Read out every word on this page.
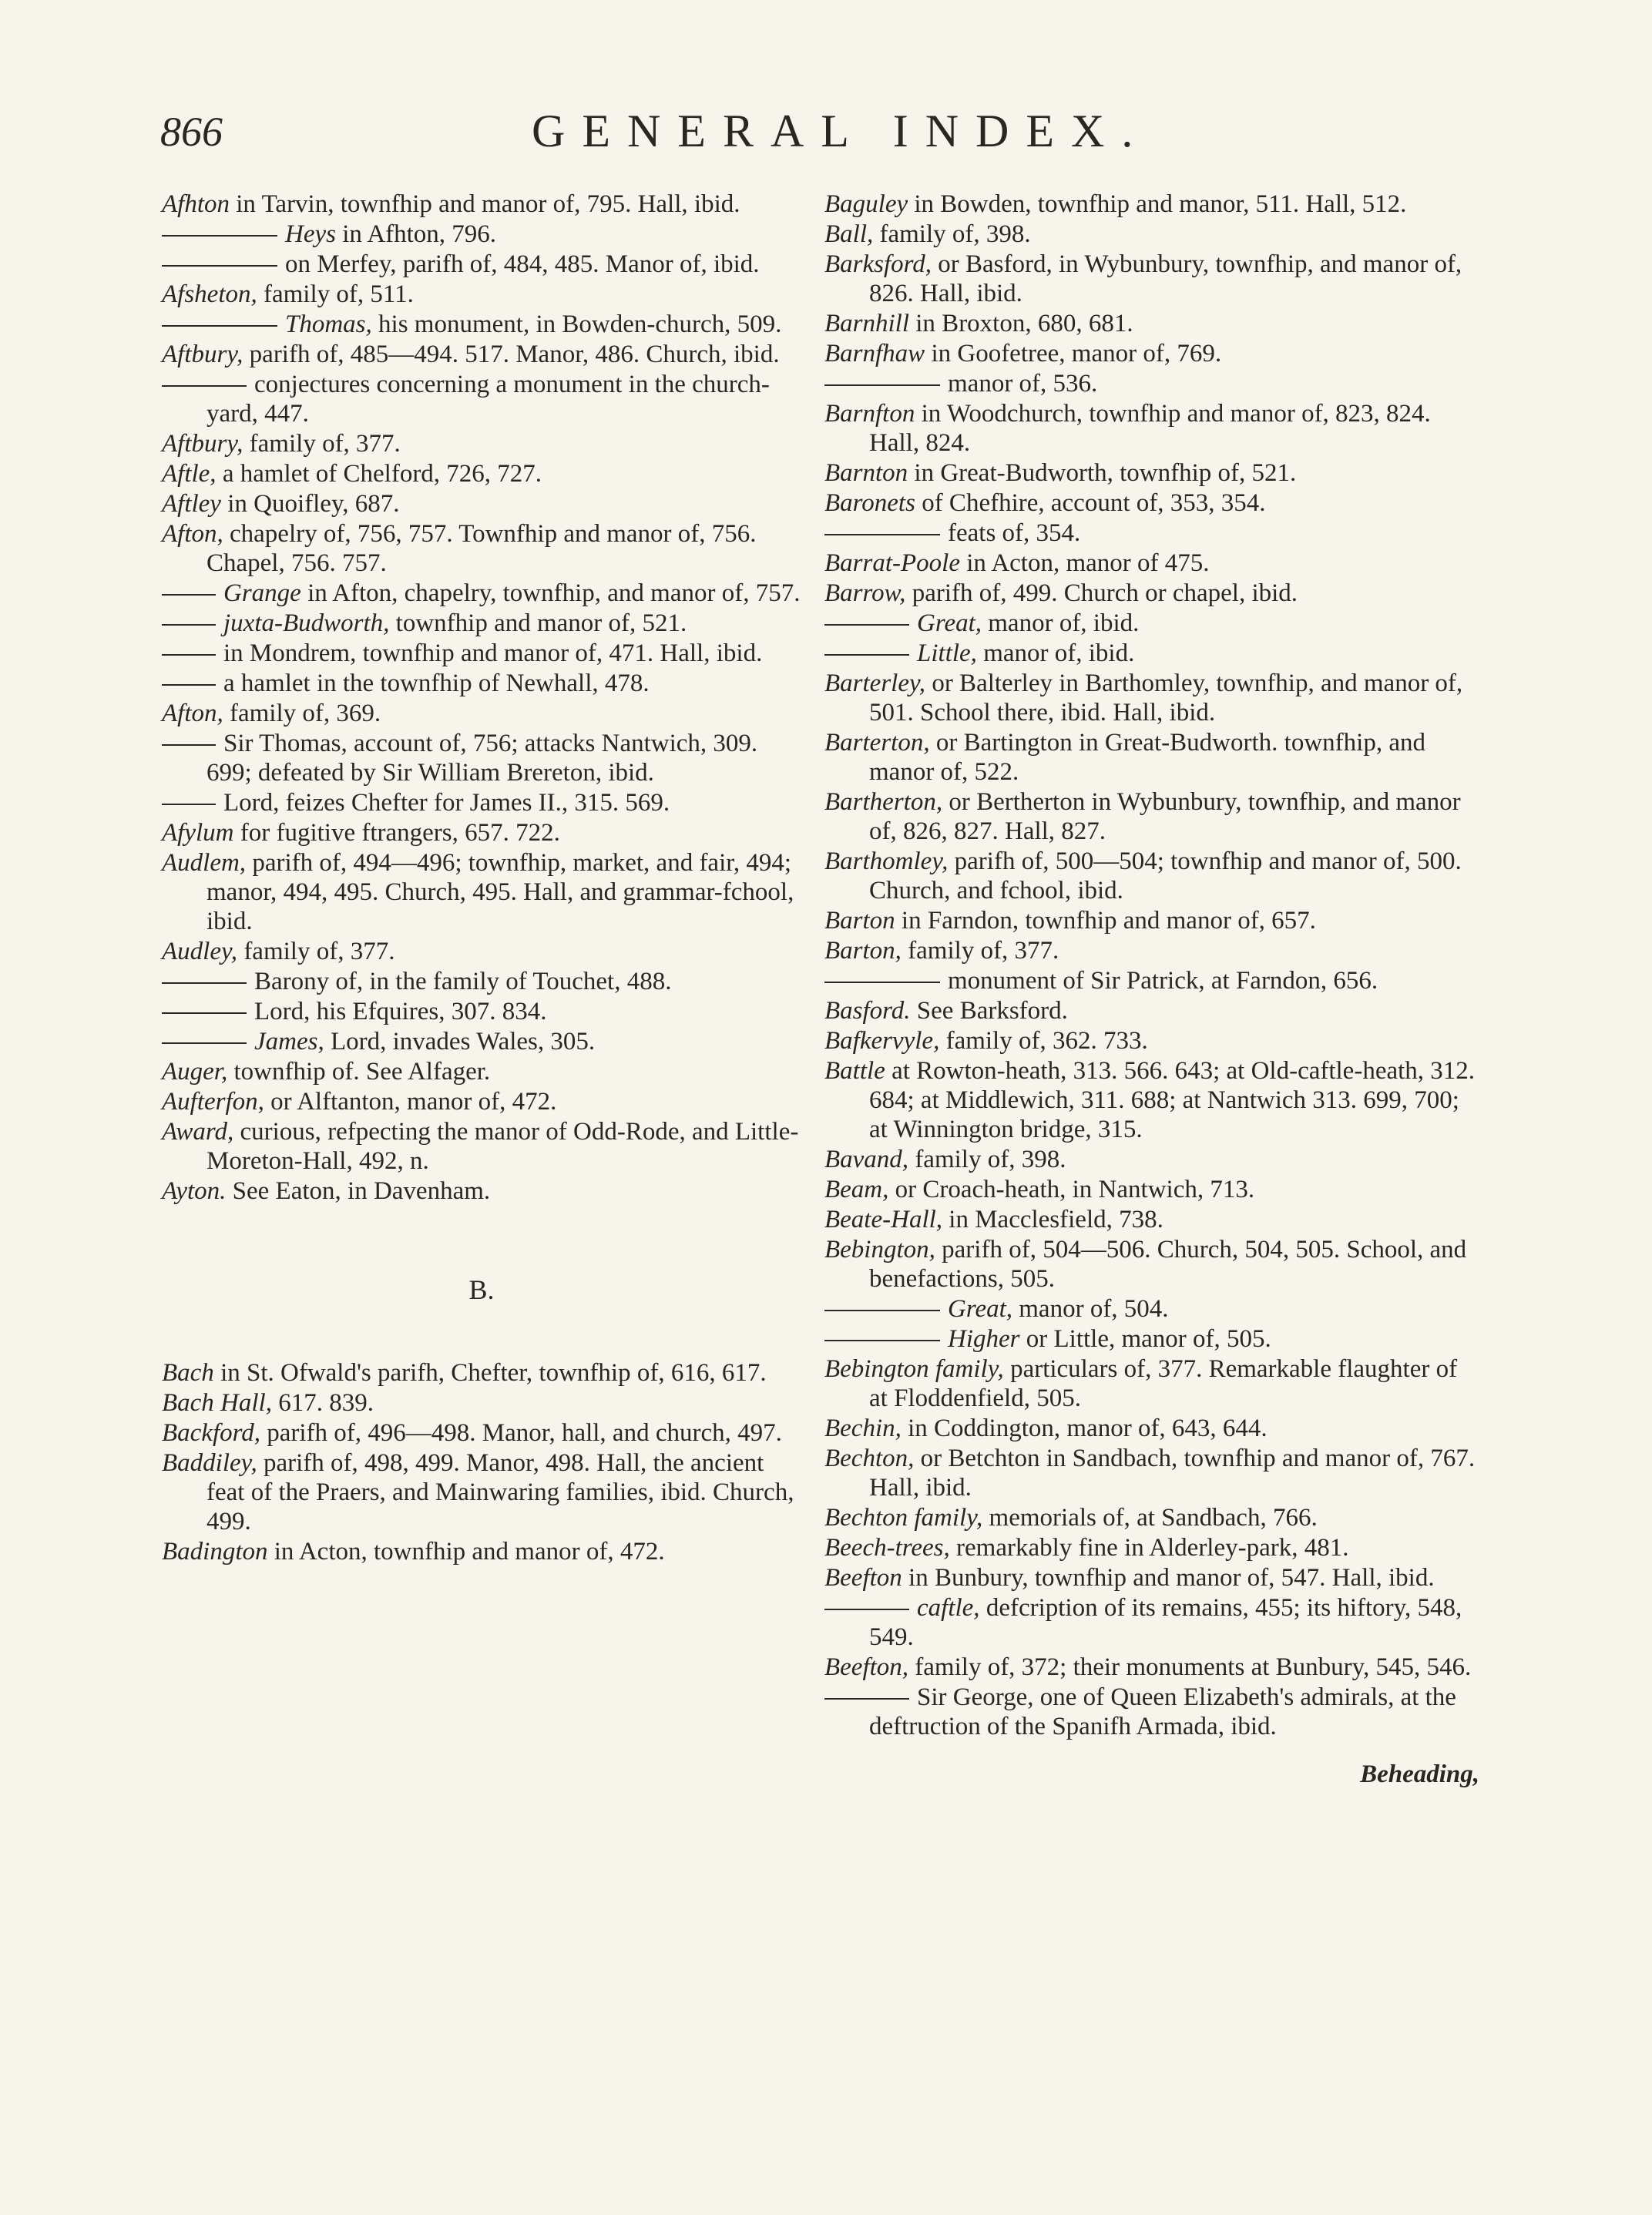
866	GENERAL INDEX.
Afhton in Tarvin, townfhip and manor of, 795. Hall, ibid.
Heys in Afhton, 796.
on Merfey, parifh of, 484, 485. Manor of, ibid.
Afsheton, family of, 511.
Thomas, his monument, in Bowden-church, 509.
Aftbury, parifh of, 485—494. 517. Manor, 486. Church, ibid.
conjectures concerning a monument in the church-yard, 447.
Aftbury, family of, 377.
Aftle, a hamlet of Chelford, 726, 727.
Aftley in Quoifley, 687.
Afton, chapelry of, 756, 757. Townfhip and manor of, 756. Chapel, 756. 757.
Grange in Afton, chapelry, townfhip, and manor of, 757.
juxta-Budworth, townfhip and manor of, 521.
in Mondrem, townfhip and manor of, 471. Hall, ibid.
a hamlet in the townfhip of Newhall, 478.
Afton, family of, 369.
Sir Thomas, account of, 756; attacks Nantwich, 309. 699; defeated by Sir William Brereton, ibid.
Lord, feizes Chefter for James II., 315. 569.
Afylum for fugitive ftrangers, 657. 722.
Audlem, parifh of, 494—496; townfhip, market, and fair, 494; manor, 494, 495. Church, 495. Hall, and grammar-fchool, ibid.
Audley, family of, 377.
Barony of, in the family of Touchet, 488.
Lord, his Efquires, 307. 834.
James, Lord, invades Wales, 305.
Auger, townfhip of. See Alfager.
Aufterfon, or Alftanton, manor of, 472.
Award, curious, refpecting the manor of Odd-Rode, and Little-Moreton-Hall, 492, n.
Ayton. See Eaton, in Davenham.
B.
Bach in St. Ofwald's parifh, Chefter, townfhip of, 616, 617.
Bach Hall, 617. 839.
Backford, parifh of, 496—498. Manor, hall, and church, 497.
Baddiley, parifh of, 498, 499. Manor, 498. Hall, the ancient feat of the Praers, and Mainwaring families, ibid. Church, 499.
Badington in Acton, townfhip and manor of, 472.
Baguley in Bowden, townfhip and manor, 511. Hall, 512.
Ball, family of, 398.
Barksford, or Basford, in Wybunbury, townfhip, and manor of, 826. Hall, ibid.
Barnhill in Broxton, 680, 681.
Barnfhaw in Goofetree, manor of, 769.
manor of, 536.
Barnfton in Woodchurch, townfhip and manor of, 823, 824. Hall, 824.
Barnton in Great-Budworth, townfhip of, 521.
Baronets of Chefhire, account of, 353, 354.
feats of, 354.
Barrat-Poole in Acton, manor of 475.
Barrow, parifh of, 499. Church or chapel, ibid.
Great, manor of, ibid.
Little, manor of, ibid.
Barterley, or Balterley in Barthomley, townfhip, and manor of, 501. School there, ibid. Hall, ibid.
Barterton, or Bartington in Great-Budworth. townfhip, and manor of, 522.
Bartherton, or Bertherton in Wybunbury, townfhip, and manor of, 826, 827. Hall, 827.
Barthomley, parifh of, 500—504; townfhip and manor of, 500. Church, and fchool, ibid.
Barton in Farndon, townfhip and manor of, 657.
Barton, family of, 377.
monument of Sir Patrick, at Farndon, 656.
Basford. See Barksford.
Bafkervyle, family of, 362. 733.
Battle at Rowton-heath, 313. 566. 643; at Old-caftle-heath, 312. 684; at Middlewich, 311. 688; at Nantwich 313. 699, 700; at Winnington bridge, 315.
Bavand, family of, 398.
Beam, or Croach-heath, in Nantwich, 713.
Beate-Hall, in Macclesfield, 738.
Bebington, parifh of, 504—506. Church, 504, 505. School, and benefactions, 505.
Great, manor of, 504.
Higher or Little, manor of, 505.
Bebington family, particulars of, 377. Remarkable flaughter of at Floddenfield, 505.
Bechin, in Coddington, manor of, 643, 644.
Bechton, or Betchton in Sandbach, townfhip and manor of, 767. Hall, ibid.
Bechton family, memorials of, at Sandbach, 766.
Beech-trees, remarkably fine in Alderley-park, 481.
Beefton in Bunbury, townfhip and manor of, 547. Hall, ibid.
caftle, defcription of its remains, 455; its hiftory, 548, 549.
Beefton, family of, 372; their monuments at Bunbury, 545, 546.
Sir George, one of Queen Elizabeth's admirals, at the deftruction of the Spanifh Armada, ibid.
Beheading,
